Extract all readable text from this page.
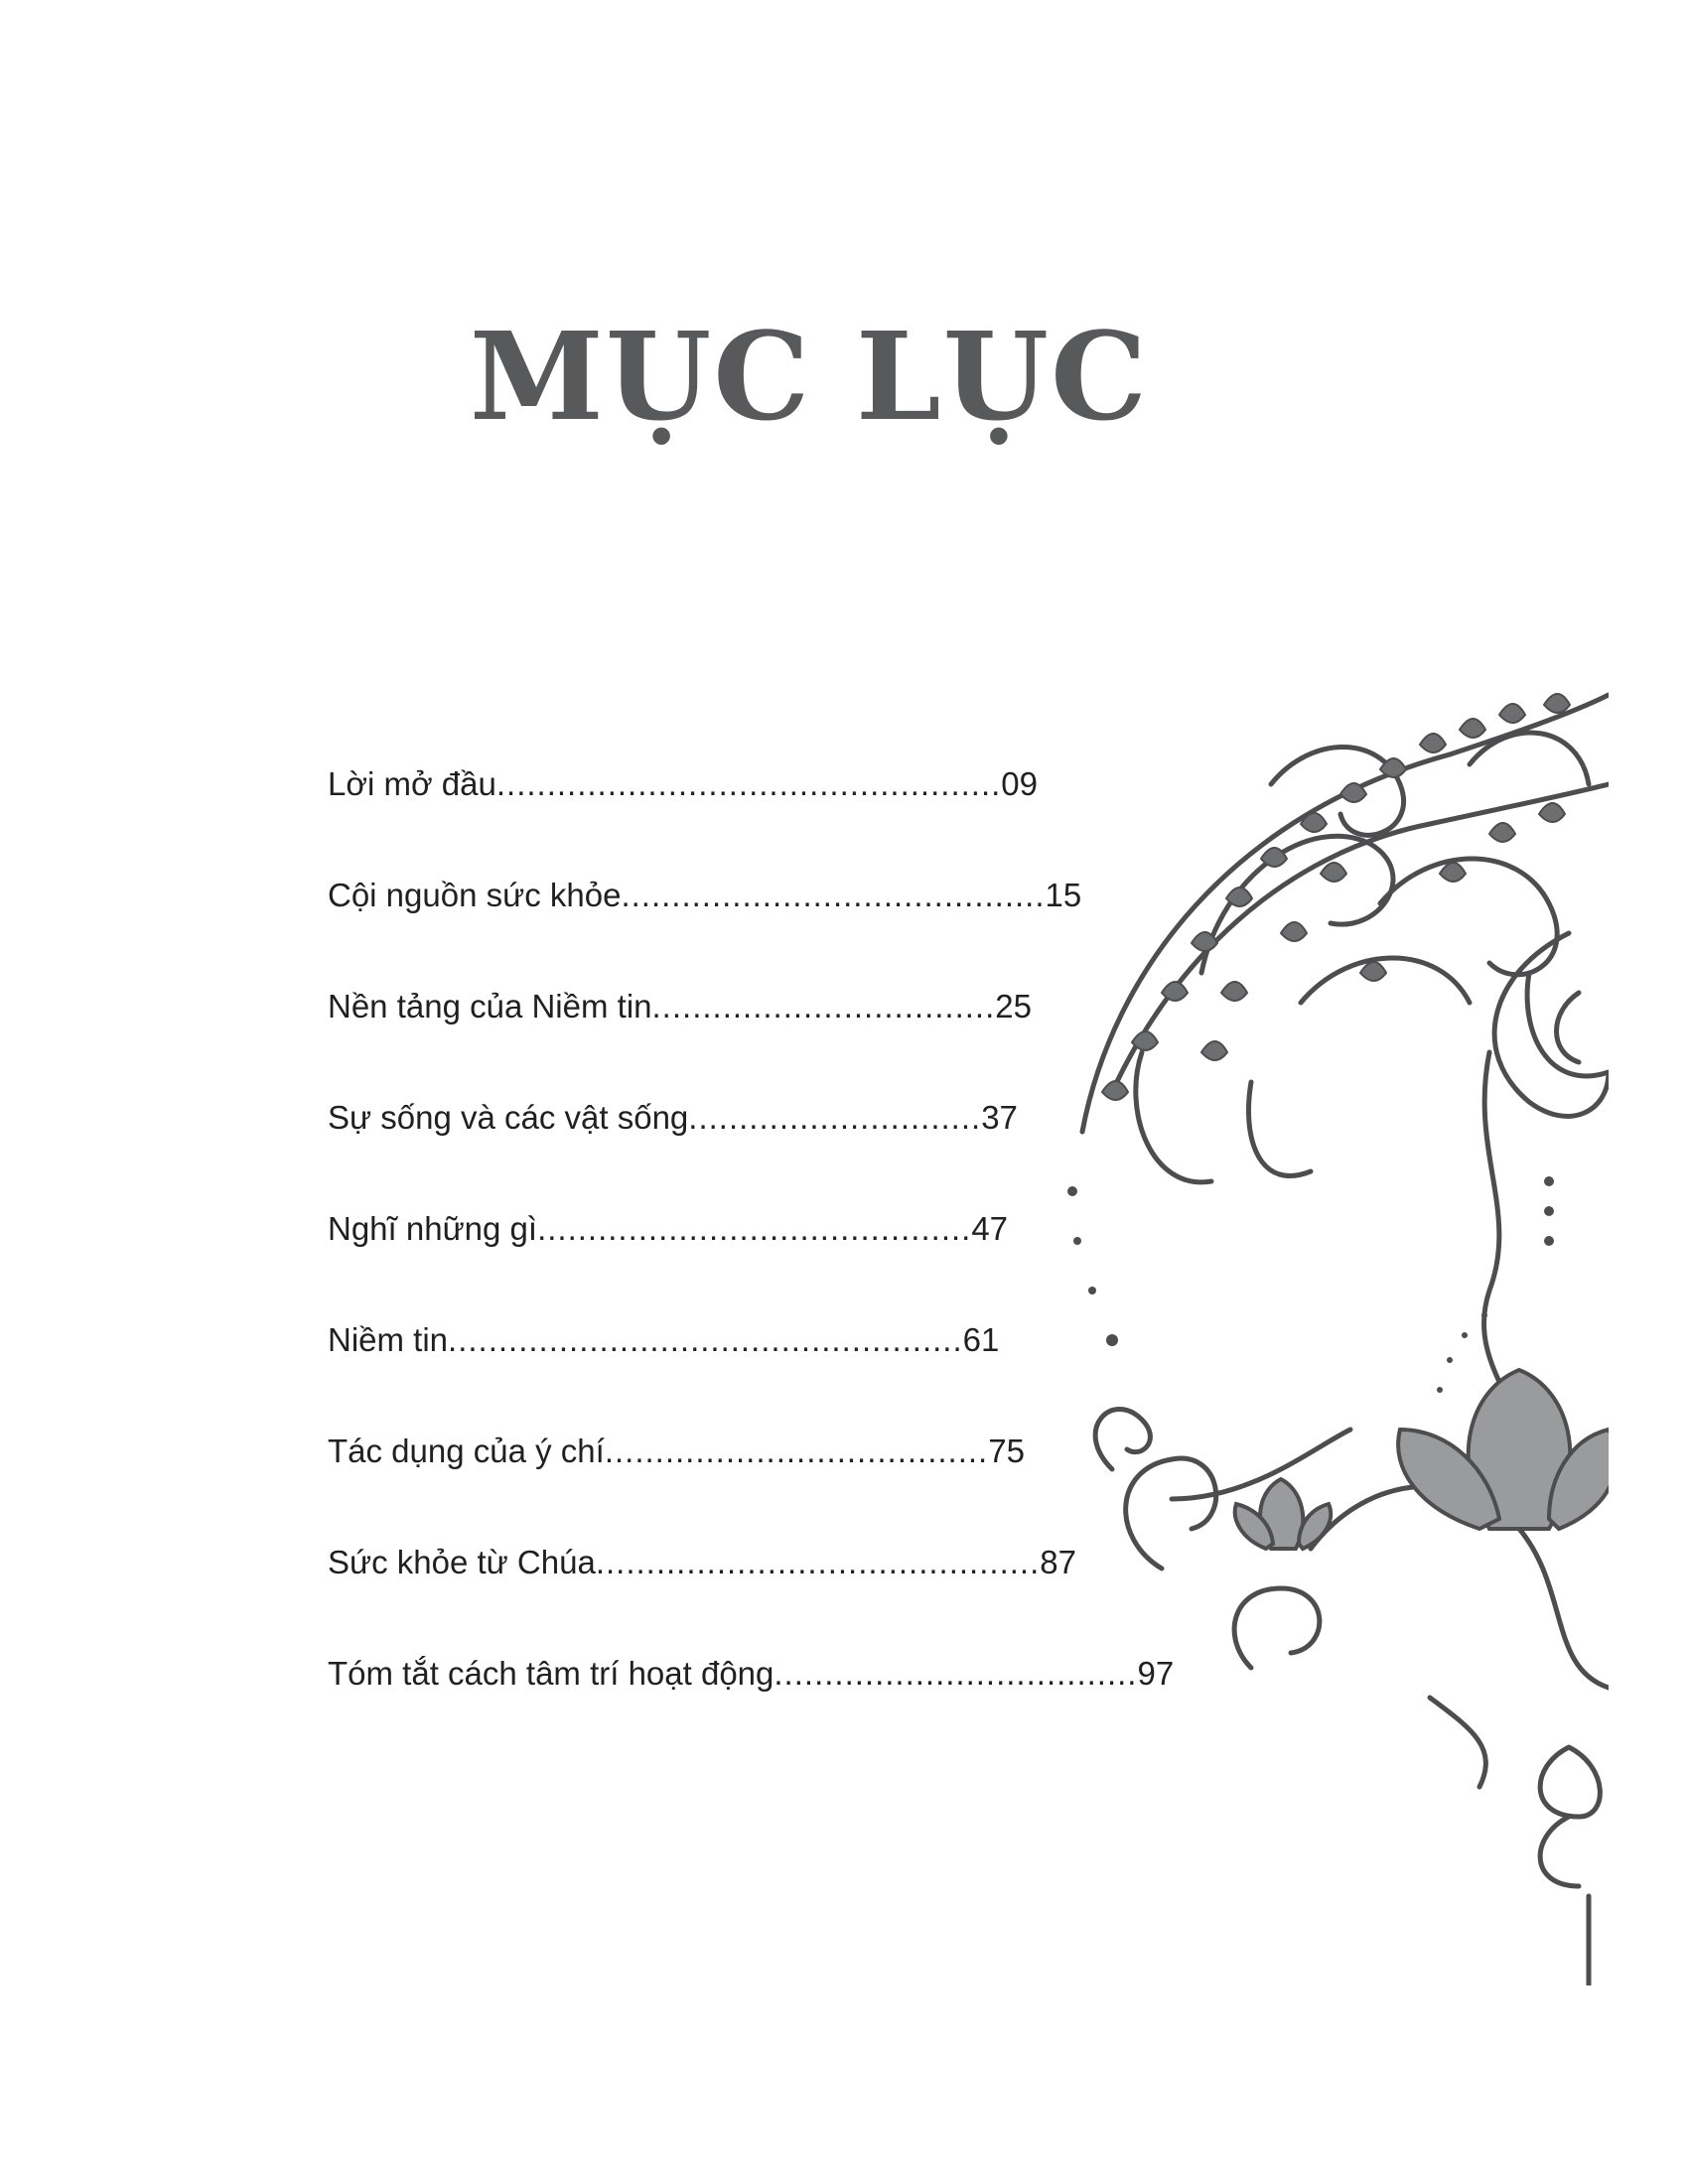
MỤC LỤC
Lời mở đầu..................................................09
Cội nguồn sức khỏe..........................................15
Nền tảng của Niềm tin..................................25
Sự sống và các vật sống.............................37
Nghĩ những gì...........................................47
Niềm tin...................................................61
Tác dụng của ý chí......................................75
Sức khỏe từ Chúa............................................87
Tóm tắt cách tâm trí hoạt động....................................97
